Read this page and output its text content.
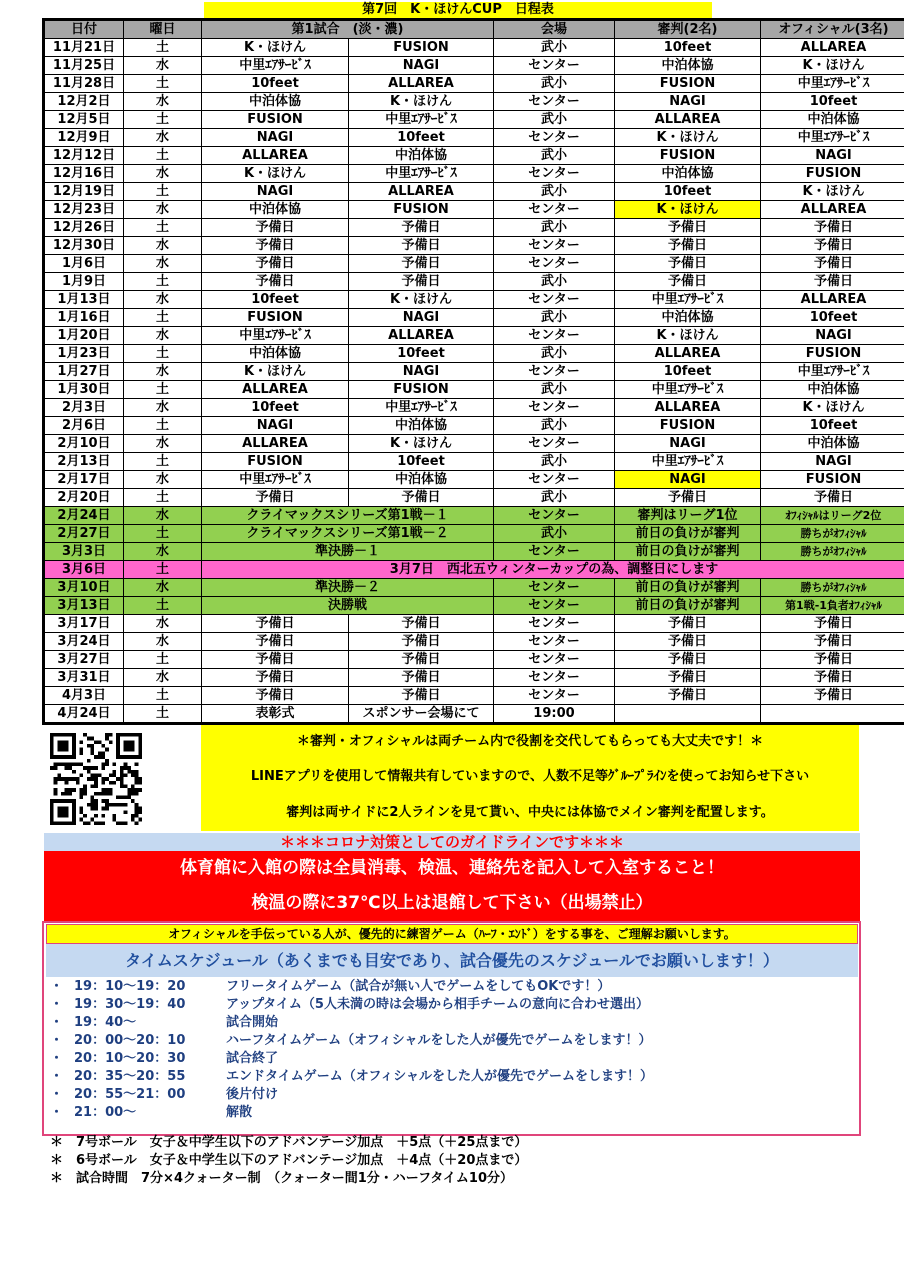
第7回　K・ほけんCUP　日程表
日付	曜日	第1試合　(淡・濃)		会場	審判(2名)	オフィシャル(3名)
11月21日	土	K・ほけん	FUSION	武小	10feet	ALLAREA
11月25日	水	中里ｴｱｻｰﾋﾞｽ	NAGI	センター	中泊体協	K・ほけん
11月28日	土	10feet	ALLAREA	武小	FUSION	中里ｴｱｻｰﾋﾞｽ
12月2日	水	中泊体協	K・ほけん	センター	NAGI	10feet
12月5日	土	FUSION	中里ｴｱｻｰﾋﾞｽ	武小	ALLAREA	中泊体協
12月9日	水	NAGI	10feet	センター	K・ほけん	中里ｴｱｻｰﾋﾞｽ
12月12日	土	ALLAREA	中泊体協	武小	FUSION	NAGI
12月16日	水	K・ほけん	中里ｴｱｻｰﾋﾞｽ	センター	中泊体協	FUSION
12月19日	土	NAGI	ALLAREA	武小	10feet	K・ほけん
12月23日	水	中泊体協	FUSION	センター	K・ほけん	ALLAREA
12月26日	土	予備日	予備日	武小	予備日	予備日
12月30日	水	予備日	予備日	センター	予備日	予備日
1月6日	水	予備日	予備日	センター	予備日	予備日
1月9日	土	予備日	予備日	武小	予備日	予備日
1月13日	水	10feet	K・ほけん	センター	中里ｴｱｻｰﾋﾞｽ	ALLAREA
1月16日	土	FUSION	NAGI	武小	中泊体協	10feet
1月20日	水	中里ｴｱｻｰﾋﾞｽ	ALLAREA	センター	K・ほけん	NAGI
1月23日	土	中泊体協	10feet	武小	ALLAREA	FUSION
1月27日	水	K・ほけん	NAGI	センター	10feet	中里ｴｱｻｰﾋﾞｽ
1月30日	土	ALLAREA	FUSION	武小	中里ｴｱｻｰﾋﾞｽ	中泊体協
2月3日	水	10feet	中里ｴｱｻｰﾋﾞｽ	センター	ALLAREA	K・ほけん
2月6日	土	NAGI	中泊体協	武小	FUSION	10feet
2月10日	水	ALLAREA	K・ほけん	センター	NAGI	中泊体協
2月13日	土	FUSION	10feet	武小	中里ｴｱｻｰﾋﾞｽ	NAGI
2月17日	水	中里ｴｱｻｰﾋﾞｽ	中泊体協	センター	NAGI	FUSION
2月20日	土	予備日	予備日	武小	予備日	予備日
2月24日	水	クライマックスシリーズ第1戦－１		センター	審判はリーグ1位	ｵﾌｨｼｬﾙはリーグ2位
2月27日	土	クライマックスシリーズ第1戦－２		武小	前日の負けが審判	勝ちがｵﾌｨｼｬﾙ
3月3日	水	準決勝－１		センター	前日の負けが審判	勝ちがｵﾌｨｼｬﾙ
3月6日	土	3月7日　西北五ウィンターカップの為、調整日にします				
3月10日	水	準決勝－２		センター	前日の負けが審判	勝ちがｵﾌｨｼｬﾙ
3月13日	土	決勝戦		センター	前日の負けが審判	第1戦-1負者ｵﾌｨｼｬﾙ
3月17日	水	予備日	予備日	センター	予備日	予備日
3月24日	水	予備日	予備日	センター	予備日	予備日
3月27日	土	予備日	予備日	センター	予備日	予備日
3月31日	水	予備日	予備日	センター	予備日	予備日
4月3日	土	予備日	予備日	センター	予備日	予備日
4月24日	土	表彰式	スポンサー会場にて	19:00		
＊審判・オフィシャルは両チーム内で役割を交代してもらっても大丈夫です！＊
LINEアプリを使用して情報共有していますので、人数不足等ｸﾞﾙｰﾌﾟﾗｲﾝを使ってお知らせ下さい
審判は両サイドに2人ラインを見て貰い、中央には体協でメイン審判を配置します。
＊＊＊コロナ対策としてのガイドラインです＊＊＊
体育館に入館の際は全員消毒、検温、連絡先を記入して入室すること！
検温の際に37℃以上は退館して下さい（出場禁止）
オフィシャルを手伝っている人が、優先的に練習ゲーム（ﾊｰﾌ・ｴﾝﾄﾞ）をする事を、ご理解お願いします。
タイムスケジュール（あくまでも目安であり、試合優先のスケジュールでお願いします！）
・ 19：10～19：20	フリータイムゲーム（試合が無い人でゲームをしてもOKです！）
・ 19：30～19：40	アップタイム（5人未満の時は会場から相手チームの意向に合わせ選出）
・ 19：40～	試合開始
・ 20：00～20：10	ハーフタイムゲーム（オフィシャルをした人が優先でゲームをします！）
・ 20：10～20：30	試合終了
・ 20：35～20：55	エンドタイムゲーム（オフィシャルをした人が優先でゲームをします！）
・ 20：55～21：00	後片付け
・ 21：00～	解散
＊　7号ボール　女子＆中学生以下のアドバンテージ加点　＋5点（＋25点まで）
＊　6号ボール　女子＆中学生以下のアドバンテージ加点　＋4点（＋20点まで）
＊　試合時間　7分×4クォーター制　（クォーター間1分・ハーフタイム10分）
